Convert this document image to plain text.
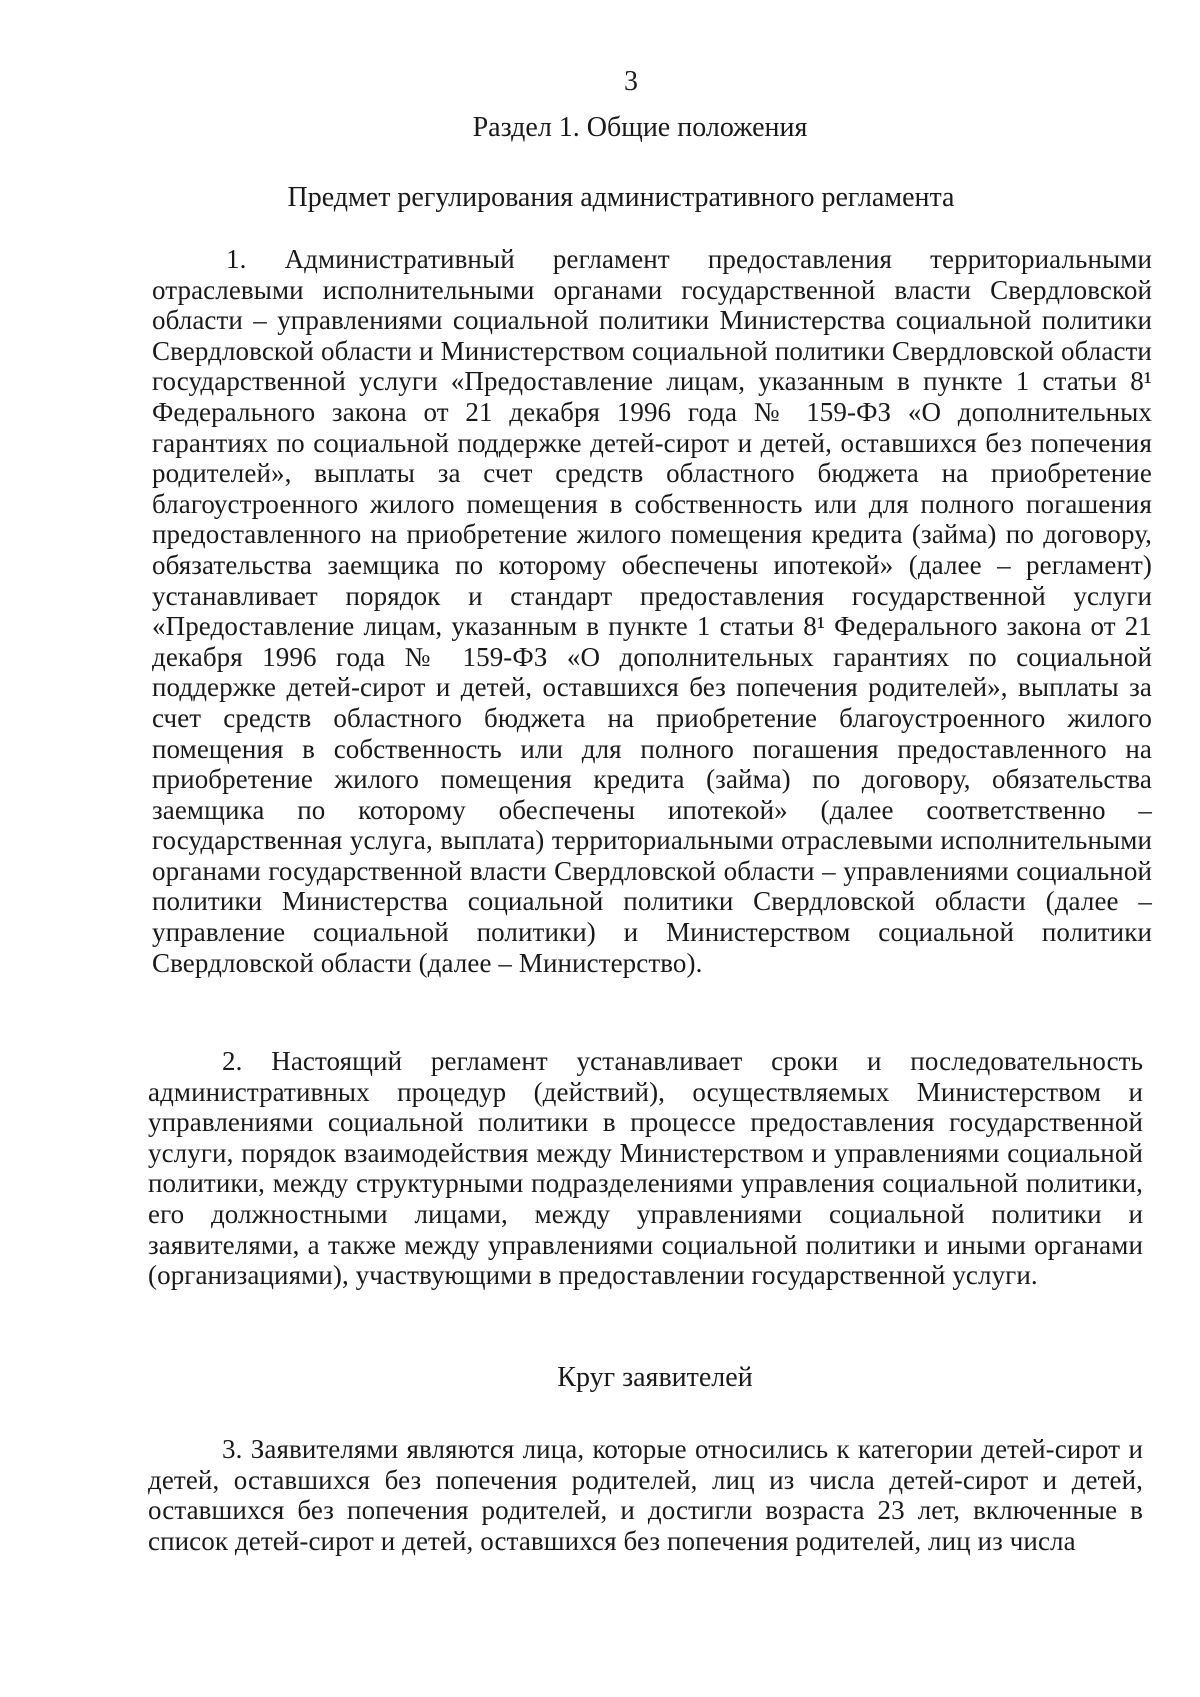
3
Раздел 1. Общие положения
Предмет регулирования административного регламента

1. Административный регламент предоставления территориальными отраслевыми исполнительными органами государственной власти Свердловской области – управлениями социальной политики Министерства социальной политики Свердловской области и Министерством социальной политики Свердловской области государственной услуги «Предоставление лицам, указанным в пункте 1 статьи 8¹ Федерального закона от 21 декабря 1996 года № 159-ФЗ «О дополнительных гарантиях по социальной поддержке детей-сирот и детей, оставшихся без попечения родителей», выплаты за счет средств областного бюджета на приобретение благоустроенного жилого помещения в собственность или для полного погашения предоставленного на приобретение жилого помещения кредита (займа) по договору, обязательства заемщика по которому обеспечены ипотекой» (далее – регламент) устанавливает порядок и стандарт предоставления государственной услуги «Предоставление лицам, указанным в пункте 1 статьи 8¹ Федерального закона от 21 декабря 1996 года № 159-ФЗ «О дополнительных гарантиях по социальной поддержке детей-сирот и детей, оставшихся без попечения родителей», выплаты за счет средств областного бюджета на приобретение благоустроенного жилого помещения в собственность или для полного погашения предоставленного на приобретение жилого помещения кредита (займа) по договору, обязательства заемщика по которому обеспечены ипотекой» (далее соответственно – государственная услуга, выплата) территориальными отраслевыми исполнительными органами государственной власти Свердловской области – управлениями социальной политики Министерства социальной политики Свердловской области (далее – управление социальной политики) и Министерством социальной политики Свердловской области (далее – Министерство).

2. Настоящий регламент устанавливает сроки и последовательность административных процедур (действий), осуществляемых Министерством и управлениями социальной политики в процессе предоставления государственной услуги, порядок взаимодействия между Министерством и управлениями социальной политики, между структурными подразделениями управления социальной политики, его должностными лицами, между управлениями социальной политики и заявителями, а также между управлениями социальной политики и иными органами (организациями), участвующими в предоставлении государственной услуги.

Круг заявителей

3. Заявителями являются лица, которые относились к категории детей-сирот и детей, оставшихся без попечения родителей, лиц из числа детей-сирот и детей, оставшихся без попечения родителей, и достигли возраста 23 лет, включенные в список детей-сирот и детей, оставшихся без попечения родителей, лиц из числа
